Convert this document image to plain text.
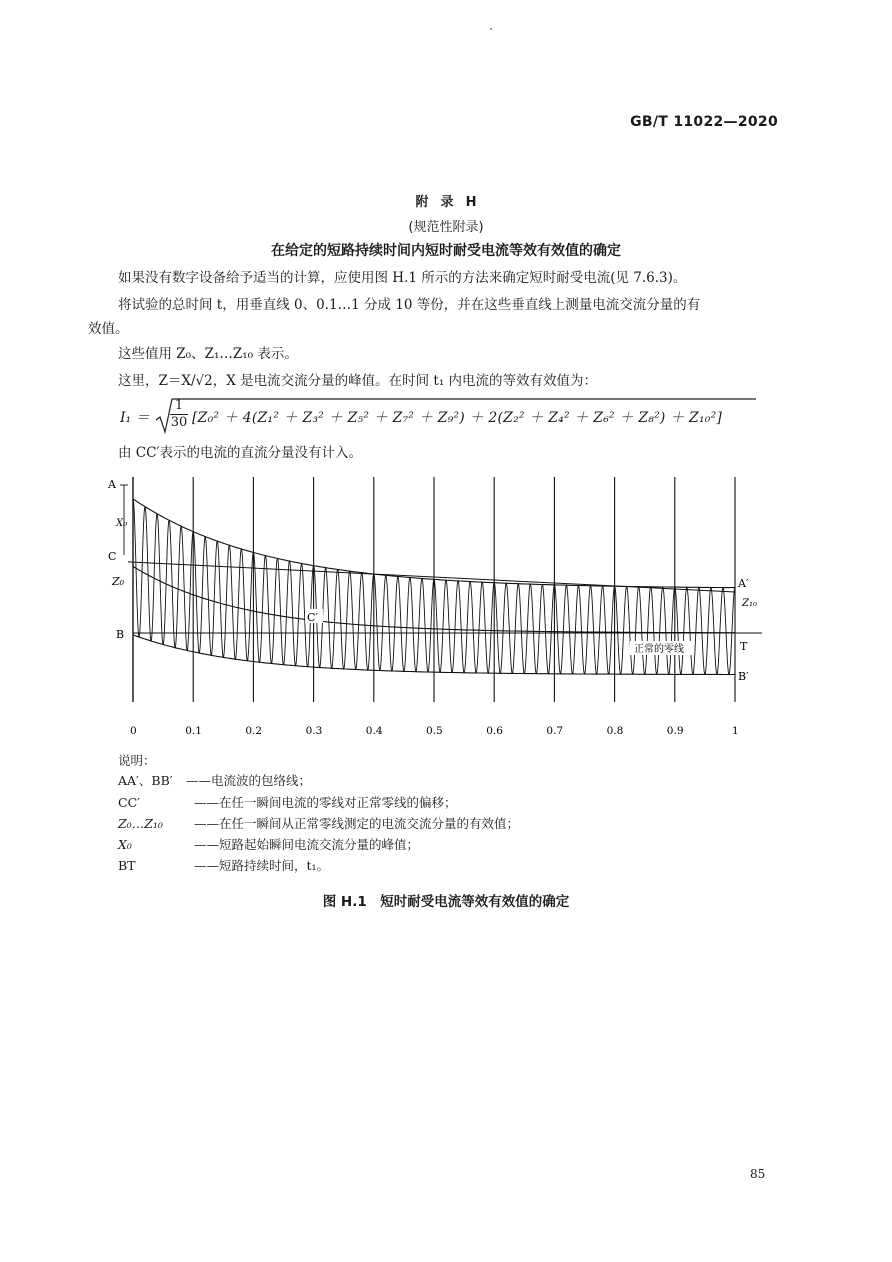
GB/T 11022—2020
附 录 H
(规范性附录)
在给定的短路持续时间内短时耐受电流等效有效值的确定
如果没有数字设备给予适当的计算，应使用图 H.1 所示的方法来确定短时耐受电流(见 7.6.3)。
将试验的总时间 t，用垂直线 0、0.1…1 分成 10 等份，并在这些垂直线上测量电流交流分量的有
效值。
这些值用 Z₀、Z₁…Z₁₀ 表示。
这里，Z＝X/√2，X 是电流交流分量的峰值。在时间 t₁ 内电流的等效有效值为：
$I_1 = \frac{1}{30} [Z_0^2 + 4(Z_1^2 + Z_3^2 + Z_5^2 + Z_7^2 + Z_9^2) + 2(Z_2^2 + Z_4^2 + Z_6^2 + Z_8^2) + Z_{10}^2]$
由 CC′表示的电流的直流分量没有计入。
0	0.1	0.2	0.3	0.4	0.5	0.6	0.7	0.8	0.9	1
A
C
Z₀
B
X₀
A′
Z₁₀
T
B′
C′
正常的零线
说明：
AA′、BB′ ——电流波的包络线；
CC′	——在任一瞬间电流的零线对正常零线的偏移；
Z₀…Z₁₀ ——在任一瞬间从正常零线测定的电流交流分量的有效值；
X₀	——短路起始瞬间电流交流分量的峰值；
BT	——短路持续时间，t₁。
图 H.1　短时耐受电流等效有效值的确定
85
